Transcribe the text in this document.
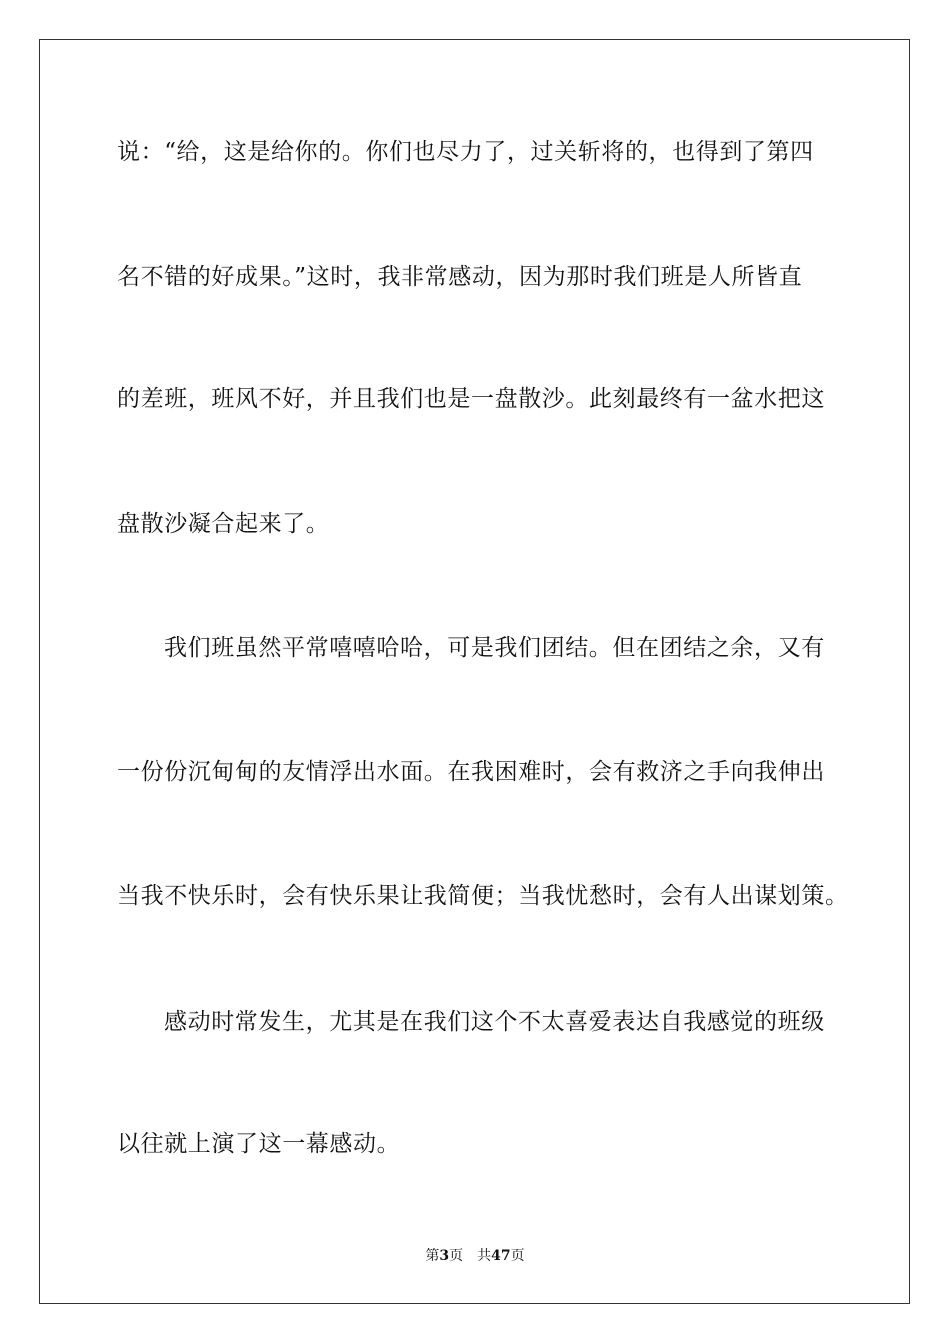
说：“给，这是给你的。你们也尽力了，过关斩将的，也得到了第四
名不错的好成果。”这时，我非常感动，因为那时我们班是人所皆直
的差班，班风不好，并且我们也是一盘散沙。此刻最终有一盆水把这
盘散沙凝合起来了。
我们班虽然平常嘻嘻哈哈，可是我们团结。但在团结之余，又有
一份份沉甸甸的友情浮出水面。在我困难时，会有救济之手向我伸出
当我不快乐时，会有快乐果让我简便；当我忧愁时，会有人出谋划策。
感动时常发生，尤其是在我们这个不太喜爱表达自我感觉的班级
以往就上演了这一幕感动。
第3页　共47页
